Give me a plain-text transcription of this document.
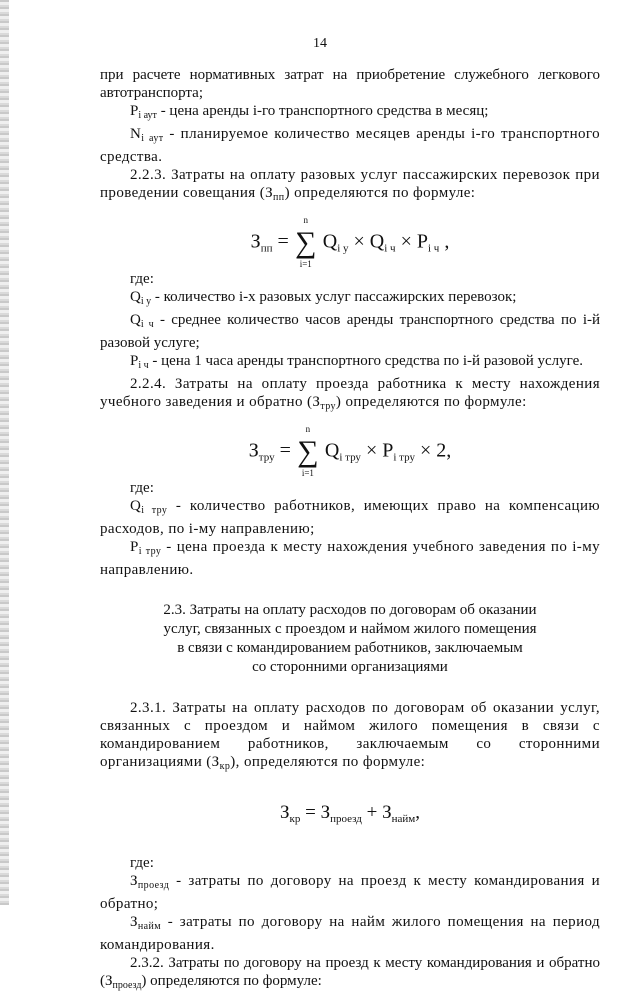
14

при расчете нормативных затрат на приобретение служебного легкового автотранспорта;

$P_{i аут}$ - цена аренды i-го транспортного средства в месяц;

$N_{i аут}$ - планируемое количество месяцев аренды i-го транспортного средства.

2.2.3. Затраты на оплату разовых услуг пассажирских перевозок при проведении совещания $(З_{пп})$ определяются по формуле:

$З_{пп}$ =
n
∑
i=1
$Q_{i у} \times Q_{i ч} \times P_{i ч}$ ,

где:

$Q_{i у}$ - количество i-х разовых услуг пассажирских перевозок;

$Q_{i ч}$ - среднее количество часов аренды транспортного средства по i-й разовой услуге;

$P_{i ч}$ - цена 1 часа аренды транспортного средства по i-й разовой услуге.

2.2.4. Затраты на оплату проезда работника к месту нахождения учебного заведения и обратно $(З_{тру})$ определяются по формуле:

$З_{тру}$ =
n
∑
i=1
$Q_{i тру} \times P_{i тру} \times 2$,

где:

$Q_{i тру}$ - количество работников, имеющих право на компенсацию расходов, по i-му направлению;

$P_{i тру}$ - цена проезда к месту нахождения учебного заведения по i-му направлению.

2.3. Затраты на оплату расходов по договорам об оказании
услуг, связанных с проездом и наймом жилого помещения
в связи с командированием работников, заключаемым
со сторонними организациями

2.3.1. Затраты на оплату расходов по договорам об оказании услуг, связанных с проездом и наймом жилого помещения в связи с командированием работников, заключаемым со сторонними организациями $(З_{кр})$, определяются по формуле:

$З_{кр} = З_{проезд} + З_{найм}$,

где:

$З_{проезд}$ - затраты по договору на проезд к месту командирования и обратно;

$З_{найм}$ - затраты по договору на найм жилого помещения на период командирования.

2.3.2. Затраты по договору на проезд к месту командирования и обратно $(З_{проезд})$ определяются по формуле:
